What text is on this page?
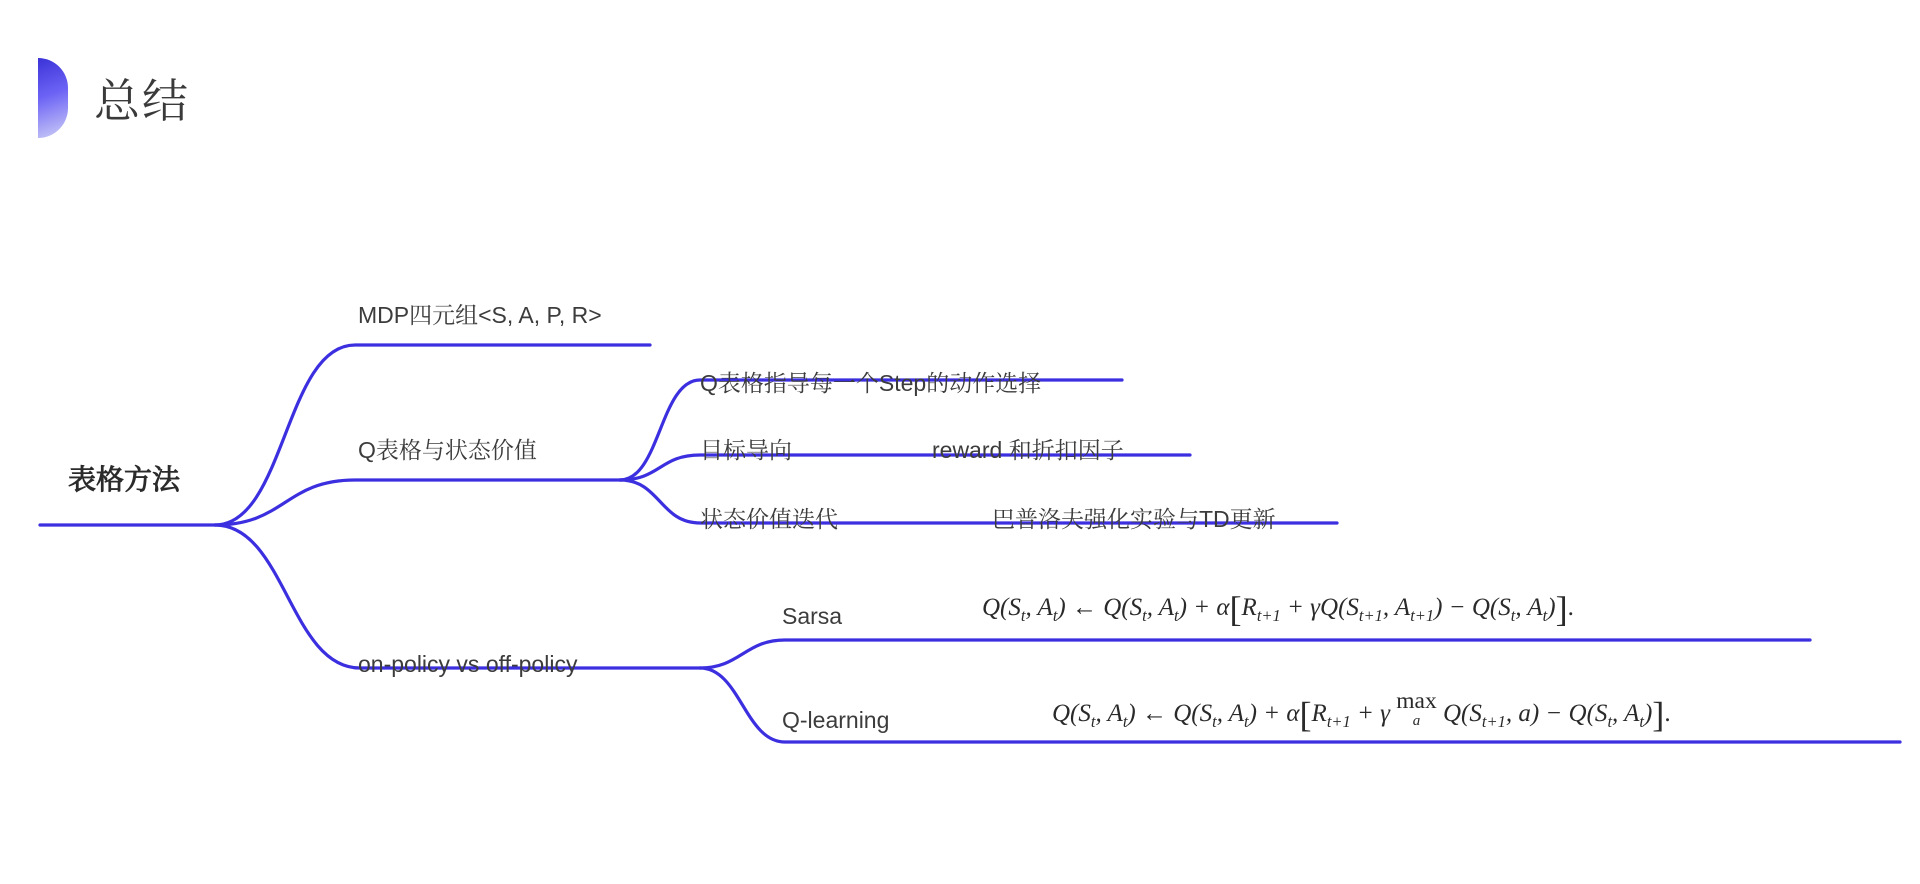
总结
表格方法
MDP四元组<S, A, P, R>
Q表格与状态价值
on-policy vs off-policy
Q表格指导每一个Step的动作选择
目标导向	reward 和折扣因子
状态价值迭代	巴普洛夫强化实验与TD更新
Sarsa
Q-learning
$Q(S_t$, $A_t$) ← $Q(S_t$, $A_t) + \alpha[R_{t+1} + \gamma Q(S_{t+1}$, $A_{t+1}) - Q(S_t$, $A_t$)].
$Q(S_t$, $A_t$) ← $Q(S_t$, $A_t) + \alpha[R_{t+1} + \gamma$ max
a $Q(S_{t+1}$, $a) - Q(S_t$, $A_t$)].
